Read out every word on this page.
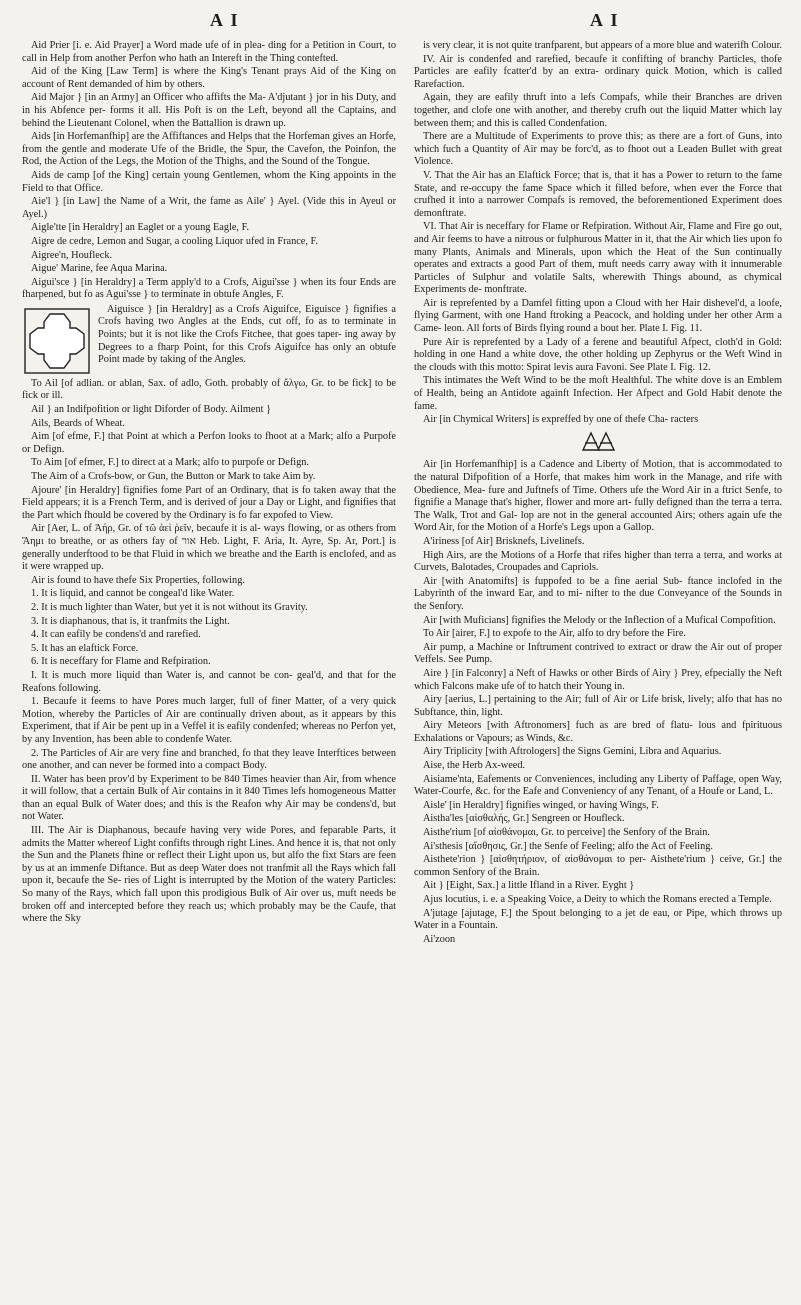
A I	A I

Aid Prier [i. e. Aid Prayer] a Word made ufe of in plea- ding for a Petition in Court, to call in Help from another Perfon who hath an Intereft in the Thing contefted.

Aid of the King [Law Term] is where the King's Tenant prays Aid of the King on account of Rent demanded of him by others.

Aid Major } [in an Army] an Officer who affifts the Ma- A'djutant } jor in his Duty, and in his Abfence per- forms it all. His Poft is on the Left, beyond all the Captains, and behind the Lieutenant Colonel, when the Battallion is drawn up.

Aids [in Horfemanfhip] are the Affiftances and Helps that the Horfeman gives an Horfe, from the gentle and moderate Ufe of the Bridle, the Spur, the Cavefon, the Poinfon, the Rod, the Action of the Legs, the Motion of the Thighs, and the Sound of the Tongue.

Aids de camp [of the King] certain young Gentlemen, whom the King appoints in the Field to that Office.

Aie'l } [in Law] the Name of a Writ, the fame as Aile' } Ayel. (Vide this in Ayeul or Ayel.)

Aigle'tte [in Heraldry] an Eaglet or a young Eagle, F.

Aigre de cedre, Lemon and Sugar, a cooling Liquor ufed in France, F.

Aigree'n, Houfleck.

Aigue' Marine, fee Aqua Marina.

Aigui'sce } [in Heraldry] a Term apply'd to a Crofs, Aigui'sse } when its four Ends are fharpened, but fo as Agui'sse } to terminate in obtufe Angles, F.

Aiguisce } [in Heraldry] as a Crofs Aiguifce, Eiguisce } fignifies a Crofs having two Angles at the Ends, cut off, fo as to terminate in Points; but it is not like the Crofs Fitchee, that goes taper- ing away by Degrees to a fharp Point, for this Crofs Aiguifce has only an obtufe Point made by taking of the Angles.

To Ail [of adlian. or ablan, Sax. of adlo, Goth. probably of ἄλγω, Gr. to be fick] to be fick or ill.

Ail } an Indifpofition or light Diforder of Body. Ailment }

Ails, Beards of Wheat.

Aim [of efme, F.] that Point at which a Perfon looks to fhoot at a Mark; alfo a Purpofe or Defign.

To Aim [of efmer, F.] to direct at a Mark; alfo to purpofe or Defign.

The Aim of a Crofs-bow, or Gun, the Button or Mark to take Aim by.

Ajoure' [in Heraldry] fignifies fome Part of an Ordinary, that is fo taken away that the Field appears; it is a French Term, and is derived of jour a Day or Light, and fignifies that the Part which fhould be covered by the Ordinary is fo far expofed to View.

Air [Aer, L. of Ἀήρ, Gr. of τῶ ἀεὶ ῥεῖν, becaufe it is al- ways flowing, or as others from Ἄημι to breathe, or as others fay of אור Heb. Light, F. Aria, It. Ayre, Sp. Ar, Port.] is generally underftood to be that Fluid in which we breathe and the Earth is enclofed, and as it were wrapped up.

Air is found to have thefe Six Properties, following.

1. It is liquid, and cannot be congeal'd like Water.

2. It is much lighter than Water, but yet it is not without its Gravity.

3. It is diaphanous, that is, it tranfmits the Light.

4. It can eafily be condens'd and rarefied.

5. It has an elaftick Force.

6. It is neceffary for Flame and Refpiration.

I. It is much more liquid than Water is, and cannot be con- geal'd, and that for the Reafons following.

1. Becaufe it feems to have Pores much larger, full of finer Matter, of a very quick Motion, whereby the Particles of Air are continually driven about, as it appears by this Experiment, that if Air be pent up in a Veffel it is eafily condenfed; whereas no Perfon yet, by any Invention, has been able to condenfe Water.

2. The Particles of Air are very fine and branched, fo that they leave Interftices between one another, and can never be formed into a compact Body.

II. Water has been prov'd by Experiment to be 840 Times heavier than Air, from whence it will follow, that a certain Bulk of Air contains in it 840 Times lefs homogeneous Matter than an equal Bulk of Water does; and this is the Reafon why Air may be condens'd, but not Water.

III. The Air is Diaphanous, becaufe having very wide Pores, and feparable Parts, it admits the Matter whereof Light confifts through right Lines. And hence it is, that not only the Sun and the Planets fhine or reflect their Light upon us, but alfo the fixt Stars are feen by us at an immenfe Diftance. But as deep Water does not tranfmit all the Rays which fall upon it, becaufe the Se- ries of Light is interrupted by the Motion of the watery Particles: So many of the Rays, which fall upon this prodigious Bulk of Air over us, muft needs be broken off and intercepted before they reach us; which probably may be the Caufe, that where the Sky

is very clear, it is not quite tranfparent, but appears of a more blue and waterifh Colour.

IV. Air is condenfed and rarefied, becaufe it confifting of branchy Particles, thofe Particles are eafily fcatter'd by an extra- ordinary quick Motion, which is called Rarefaction.

Again, they are eafily thruft into a lefs Compafs, while their Branches are driven together, and clofe one with another, and thereby crufh out the liquid Matter which lay between them; and this is called Condenfation.

There are a Multitude of Experiments to prove this; as there are a fort of Guns, into which fuch a Quantity of Air may be forc'd, as to fhoot out a Leaden Bullet with great Violence.

V. That the Air has an Elaftick Force; that is, that it has a Power to return to the fame State, and re-occupy the fame Space which it filled before, when ever the Force that crufhed it into a narrower Compafs is removed, the beforementioned Experiment does demonftrate.

VI. That Air is neceffary for Flame or Refpiration. Without Air, Flame and Fire go out, and Air feems to have a nitrous or fulphurous Matter in it, that the Air which lies upon fo many Plants, Animals and Minerals, upon which the Heat of the Sun continually operates and extracts a good Part of them, muft needs carry away with it innumerable Particles of Sulphur and volatile Salts, wherewith Things abound, as chymical Experiments de- monftrate.

Air is reprefented by a Damfel fitting upon a Cloud with her Hair dishevel'd, a loofe, flying Garment, with one Hand ftroking a Peacock, and holding under her other Arm a Came- leon. All forts of Birds flying round a bout her. Plate I. Fig. 11.

Pure Air is reprefented by a Lady of a ferene and beautiful Afpect, cloth'd in Gold: holding in one Hand a white dove, the other holding up Zephyrus or the Weft Wind in the clouds with this motto: Spirat levis aura Favoni. See Plate I. Fig. 12.

This intimates the Weft Wind to be the moft Healthful. The white dove is an Emblem of Health, being an Antidote againft Infection. Her Afpect and Gold Habit denote the fame.

Air [in Chymical Writers] is expreffed by one of thefe Cha- racters

Air [in Horfemanfhip] is a Cadence and Liberty of Motion, that is accommodated to the natural Difpofition of a Horfe, that makes him work in the Manage, and rife with Obedience, Mea- fure and Juftnefs of Time. Others ufe the Word Air in a ftrict Senfe, to fignifie a Manage that's higher, flower and more art- fully defigned than the terra a terra. The Walk, Trot and Gal- lop are not in the general accounted Airs; others again ufe the Word Air, for the Motion of a Horfe's Legs upon a Gallop.

A'iriness [of Air] Brisknefs, Livelinefs.

High Airs, are the Motions of a Horfe that rifes higher than terra a terra, and works at Curvets, Balotades, Croupades and Capriols.

Air [with Anatomifts] is fuppofed to be a fine aerial Sub- ftance inclofed in the Labyrinth of the inward Ear, and to mi- nifter to the due Conveyance of the Sounds in the Senfory.

Air [with Muficians] fignifies the Melody or the Inflection of a Mufical Compofition.

To Air [airer, F.] to expofe to the Air, alfo to dry before the Fire.

Air pump, a Machine or Inftrument contrived to extract or draw the Air out of proper Veffels. See Pump.

Aire } [in Falconry] a Neft of Hawks or other Birds of Airy } Prey, efpecially the Neft which Falcons make ufe of to hatch their Young in.

Airy [aerius, L.] pertaining to the Air; full of Air or Life brisk, lively; alfo that has no Subftance, thin, light.

Airy Meteors [with Aftronomers] fuch as are bred of flatu- lous and fpirituous Exhalations or Vapours; as Winds, &c.

Airy Triplicity [with Aftrologers] the Signs Gemini, Libra and Aquarius.

Aise, the Herb Ax-weed.

Aisiame'nta, Eafements or Conveniences, including any Liberty of Paffage, open Way, Water-Courfe, &c. for the Eafe and Conveniency of any Tenant, of a Houfe or Land, L.

Aisle' [in Heraldry] fignifies winged, or having Wings, F.

Aistha'les [αἰσθαλής, Gr.] Sengreen or Houfleck.

Aisthe'rium [of αἰσθάνομαι, Gr. to perceive] the Senfory of the Brain.

Ai'sthesis [αἴσθησις, Gr.] the Senfe of Feeling; alfo the Act of Feeling.

Aisthete'rion } [αἰσθητήριον, of αἰσθάνομαι to per- Aisthete'rium } ceive, Gr.] the common Senfory of the Brain.

Ait } [Eight, Sax.] a little Ifland in a River. Eyght }

Ajus locutius, i. e. a Speaking Voice, a Deity to which the Romans erected a Temple.

A'jutage [ajutage, F.] the Spout belonging to a jet de eau, or Pipe, which throws up Water in a Fountain.

Ai'zoon
